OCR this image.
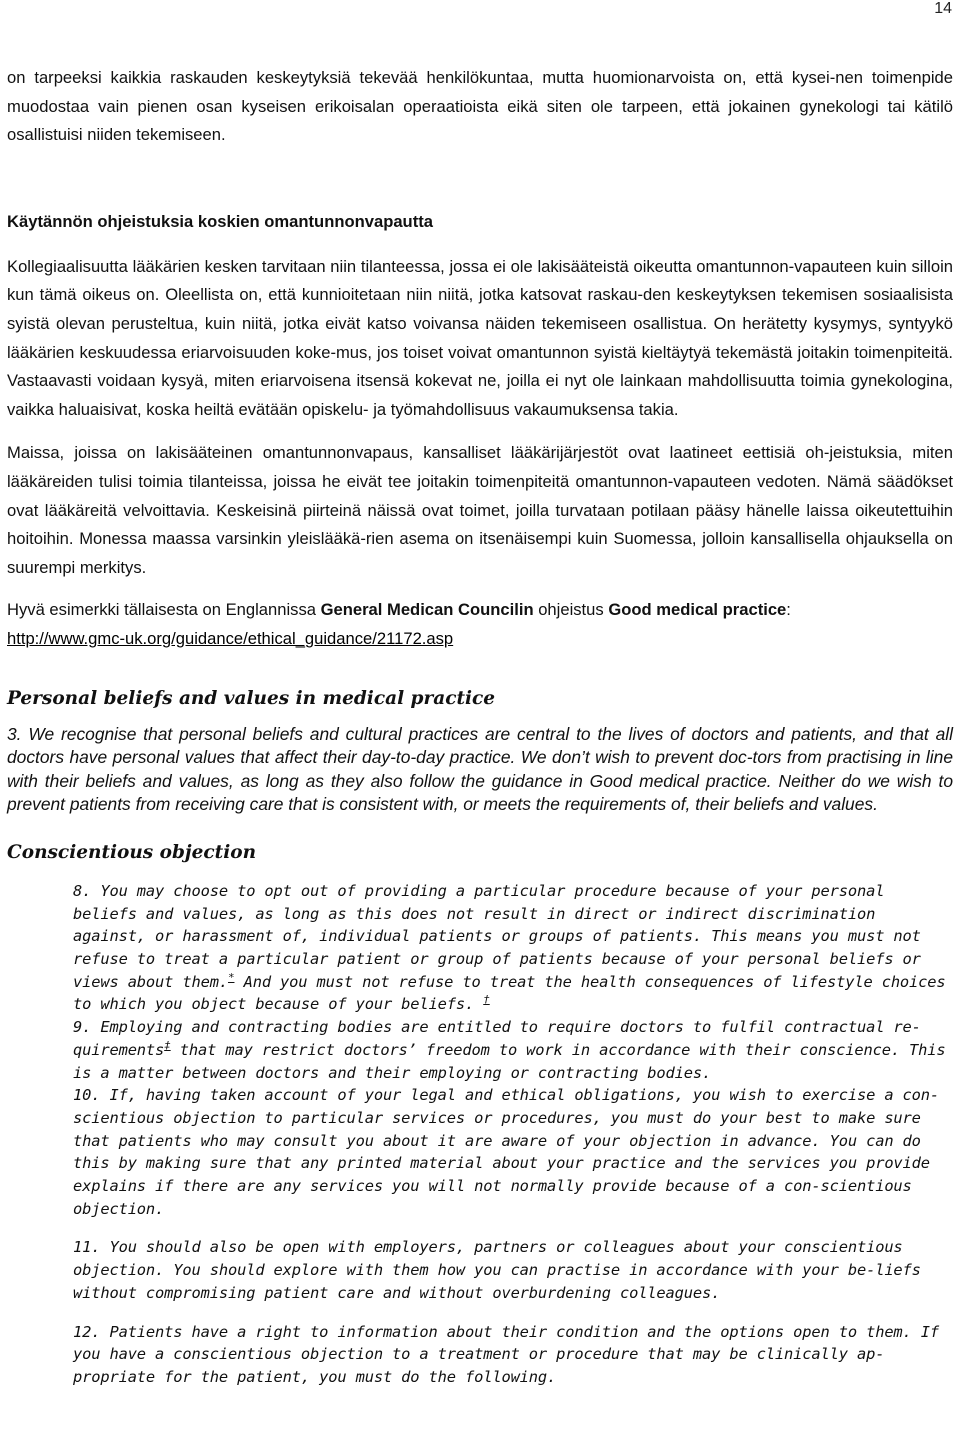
14

on tarpeeksi kaikkia raskauden keskeytyksiä tekevää henkilökuntaa, mutta huomionarvoista on, että kysei-nen toimenpide muodostaa vain pienen osan kyseisen erikoisalan operaatioista eikä siten ole tarpeen, että jokainen gynekologi tai kätilö osallistuisi niiden tekemiseen.

Käytännön ohjeistuksia koskien omantunnonvapautta

Kollegiaalisuutta lääkärien kesken tarvitaan niin tilanteessa, jossa ei ole lakisääteistä oikeutta omantunnon-vapauteen kuin silloin kun tämä oikeus on. Oleellista on, että kunnioitetaan niin niitä, jotka katsovat raskau-den keskeytyksen tekemisen sosiaalisista syistä olevan perusteltua, kuin niitä, jotka eivät katso voivansa näiden tekemiseen osallistua. On herätetty kysymys, syntyykö lääkärien keskuudessa eriarvoisuuden koke-mus, jos toiset voivat omantunnon syistä kieltäytyä tekemästä joitakin toimenpiteitä. Vastaavasti voidaan kysyä, miten eriarvoisena itsensä kokevat ne, joilla ei nyt ole lainkaan mahdollisuutta toimia gynekologina, vaikka haluaisivat, koska heiltä evätään opiskelu- ja työmahdollisuus vakaumuksensa takia.

Maissa, joissa on lakisääteinen omantunnonvapaus, kansalliset lääkärijärjestöt ovat laatineet eettisiä oh-jeistuksia, miten lääkäreiden tulisi toimia tilanteissa, joissa he eivät tee joitakin toimenpiteitä omantunnon-vapauteen vedoten. Nämä säädökset ovat lääkäreitä velvoittavia. Keskeisinä piirteinä näissä ovat toimet, joilla turvataan potilaan pääsy hänelle laissa oikeutettuihin hoitoihin. Monessa maassa varsinkin yleislääkä-rien asema on itsenäisempi kuin Suomessa, jolloin kansallisella ohjauksella on suurempi merkitys.

Hyvä esimerkki tällaisesta on Englannissa General Medican Councilin ohjeistus Good medical practice:
http://www.gmc-uk.org/guidance/ethical_guidance/21172.asp

Personal beliefs and values in medical practice

3. We recognise that personal beliefs and cultural practices are central to the lives of doctors and patients, and that all doctors have personal values that affect their day-to-day practice. We don’t wish to prevent doc-tors from practising in line with their beliefs and values, as long as they also follow the guidance in Good medical practice. Neither do we wish to prevent patients from receiving care that is consistent with, or meets the requirements of, their beliefs and values.

Conscientious objection

8. You may choose to opt out of providing a particular procedure because of your personal beliefs and values, as long as this does not result in direct or indirect discrimination against, or harassment of, individual patients or groups of patients. This means you must not refuse to treat a particular patient or group of patients because of your personal beliefs or views about them.* And you must not refuse to treat the health consequences of lifestyle choices to which you object because of your beliefs. †

9. Employing and contracting bodies are entitled to require doctors to fulfil contractual re-quirements‡ that may restrict doctors’ freedom to work in accordance with their conscience. This is a matter between doctors and their employing or contracting bodies.

10. If, having taken account of your legal and ethical obligations, you wish to exercise a con-scientious objection to particular services or procedures, you must do your best to make sure that patients who may consult you about it are aware of your objection in advance. You can do this by making sure that any printed material about your practice and the services you provide explains if there are any services you will not normally provide because of a con-scientious objection.

11. You should also be open with employers, partners or colleagues about your conscientious objection. You should explore with them how you can practise in accordance with your be-liefs without compromising patient care and without overburdening colleagues.

12. Patients have a right to information about their condition and the options open to them. If you have a conscientious objection to a treatment or procedure that may be clinically ap-propriate for the patient, you must do the following.
